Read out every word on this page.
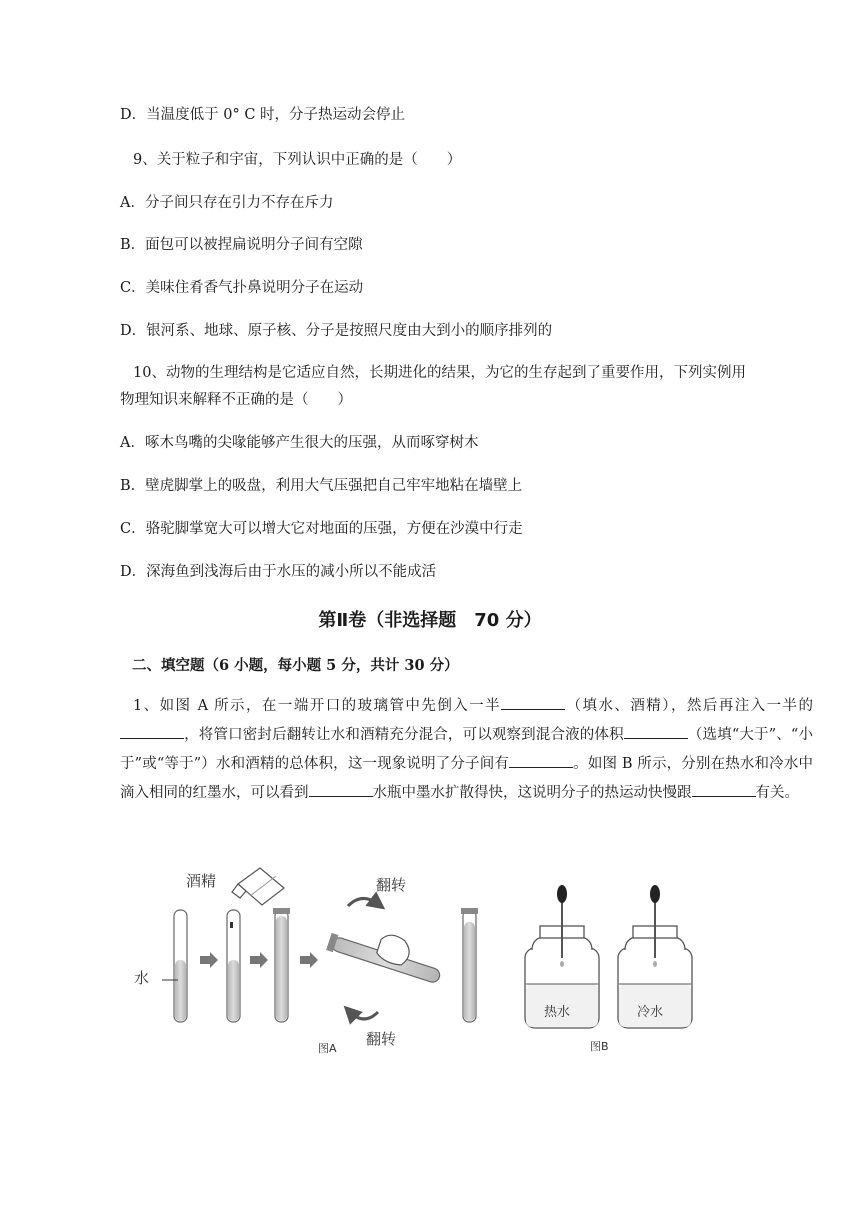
D．当温度低于 0° C 时，分子热运动会停止
9、关于粒子和宇宙，下列认识中正确的是（　　）
A．分子间只存在引力不存在斥力
B．面包可以被捏扁说明分子间有空隙
C．美味住肴香气扑鼻说明分子在运动
D．银河系、地球、原子核、分子是按照尺度由大到小的顺序排列的
10、动物的生理结构是它适应自然，长期进化的结果，为它的生存起到了重要作用，下列实例用
物理知识来解释不正确的是（　　）
A．啄木鸟嘴的尖喙能够产生很大的压强，从而啄穿树木
B．壁虎脚掌上的吸盘，利用大气压强把自己牢牢地粘在墙壁上
C．骆驼脚掌宽大可以增大它对地面的压强，方便在沙漠中行走
D．深海鱼到浅海后由于水压的减小所以不能成活
第Ⅱ卷（非选择题　70 分）
二、填空题（6 小题，每小题 5 分，共计 30 分）
1、如图 A 所示，在一端开口的玻璃管中先倒入一半	（填水、酒精），然后再注入一半的，将管口密封后翻转让水和酒精充分混合，可以观察到混合液的体积	（选填“大于”、“小于”或“等于”）水和酒精的总体积，这一现象说明了分子间有	。如图 B 所示，分别在热水和冷水中滴入相同的红墨水，可以看到	水瓶中墨水扩散得快，这说明分子的热运动快慢跟	有关。
酒精
水
翻转
翻转
图A
热水	冷水
图B
